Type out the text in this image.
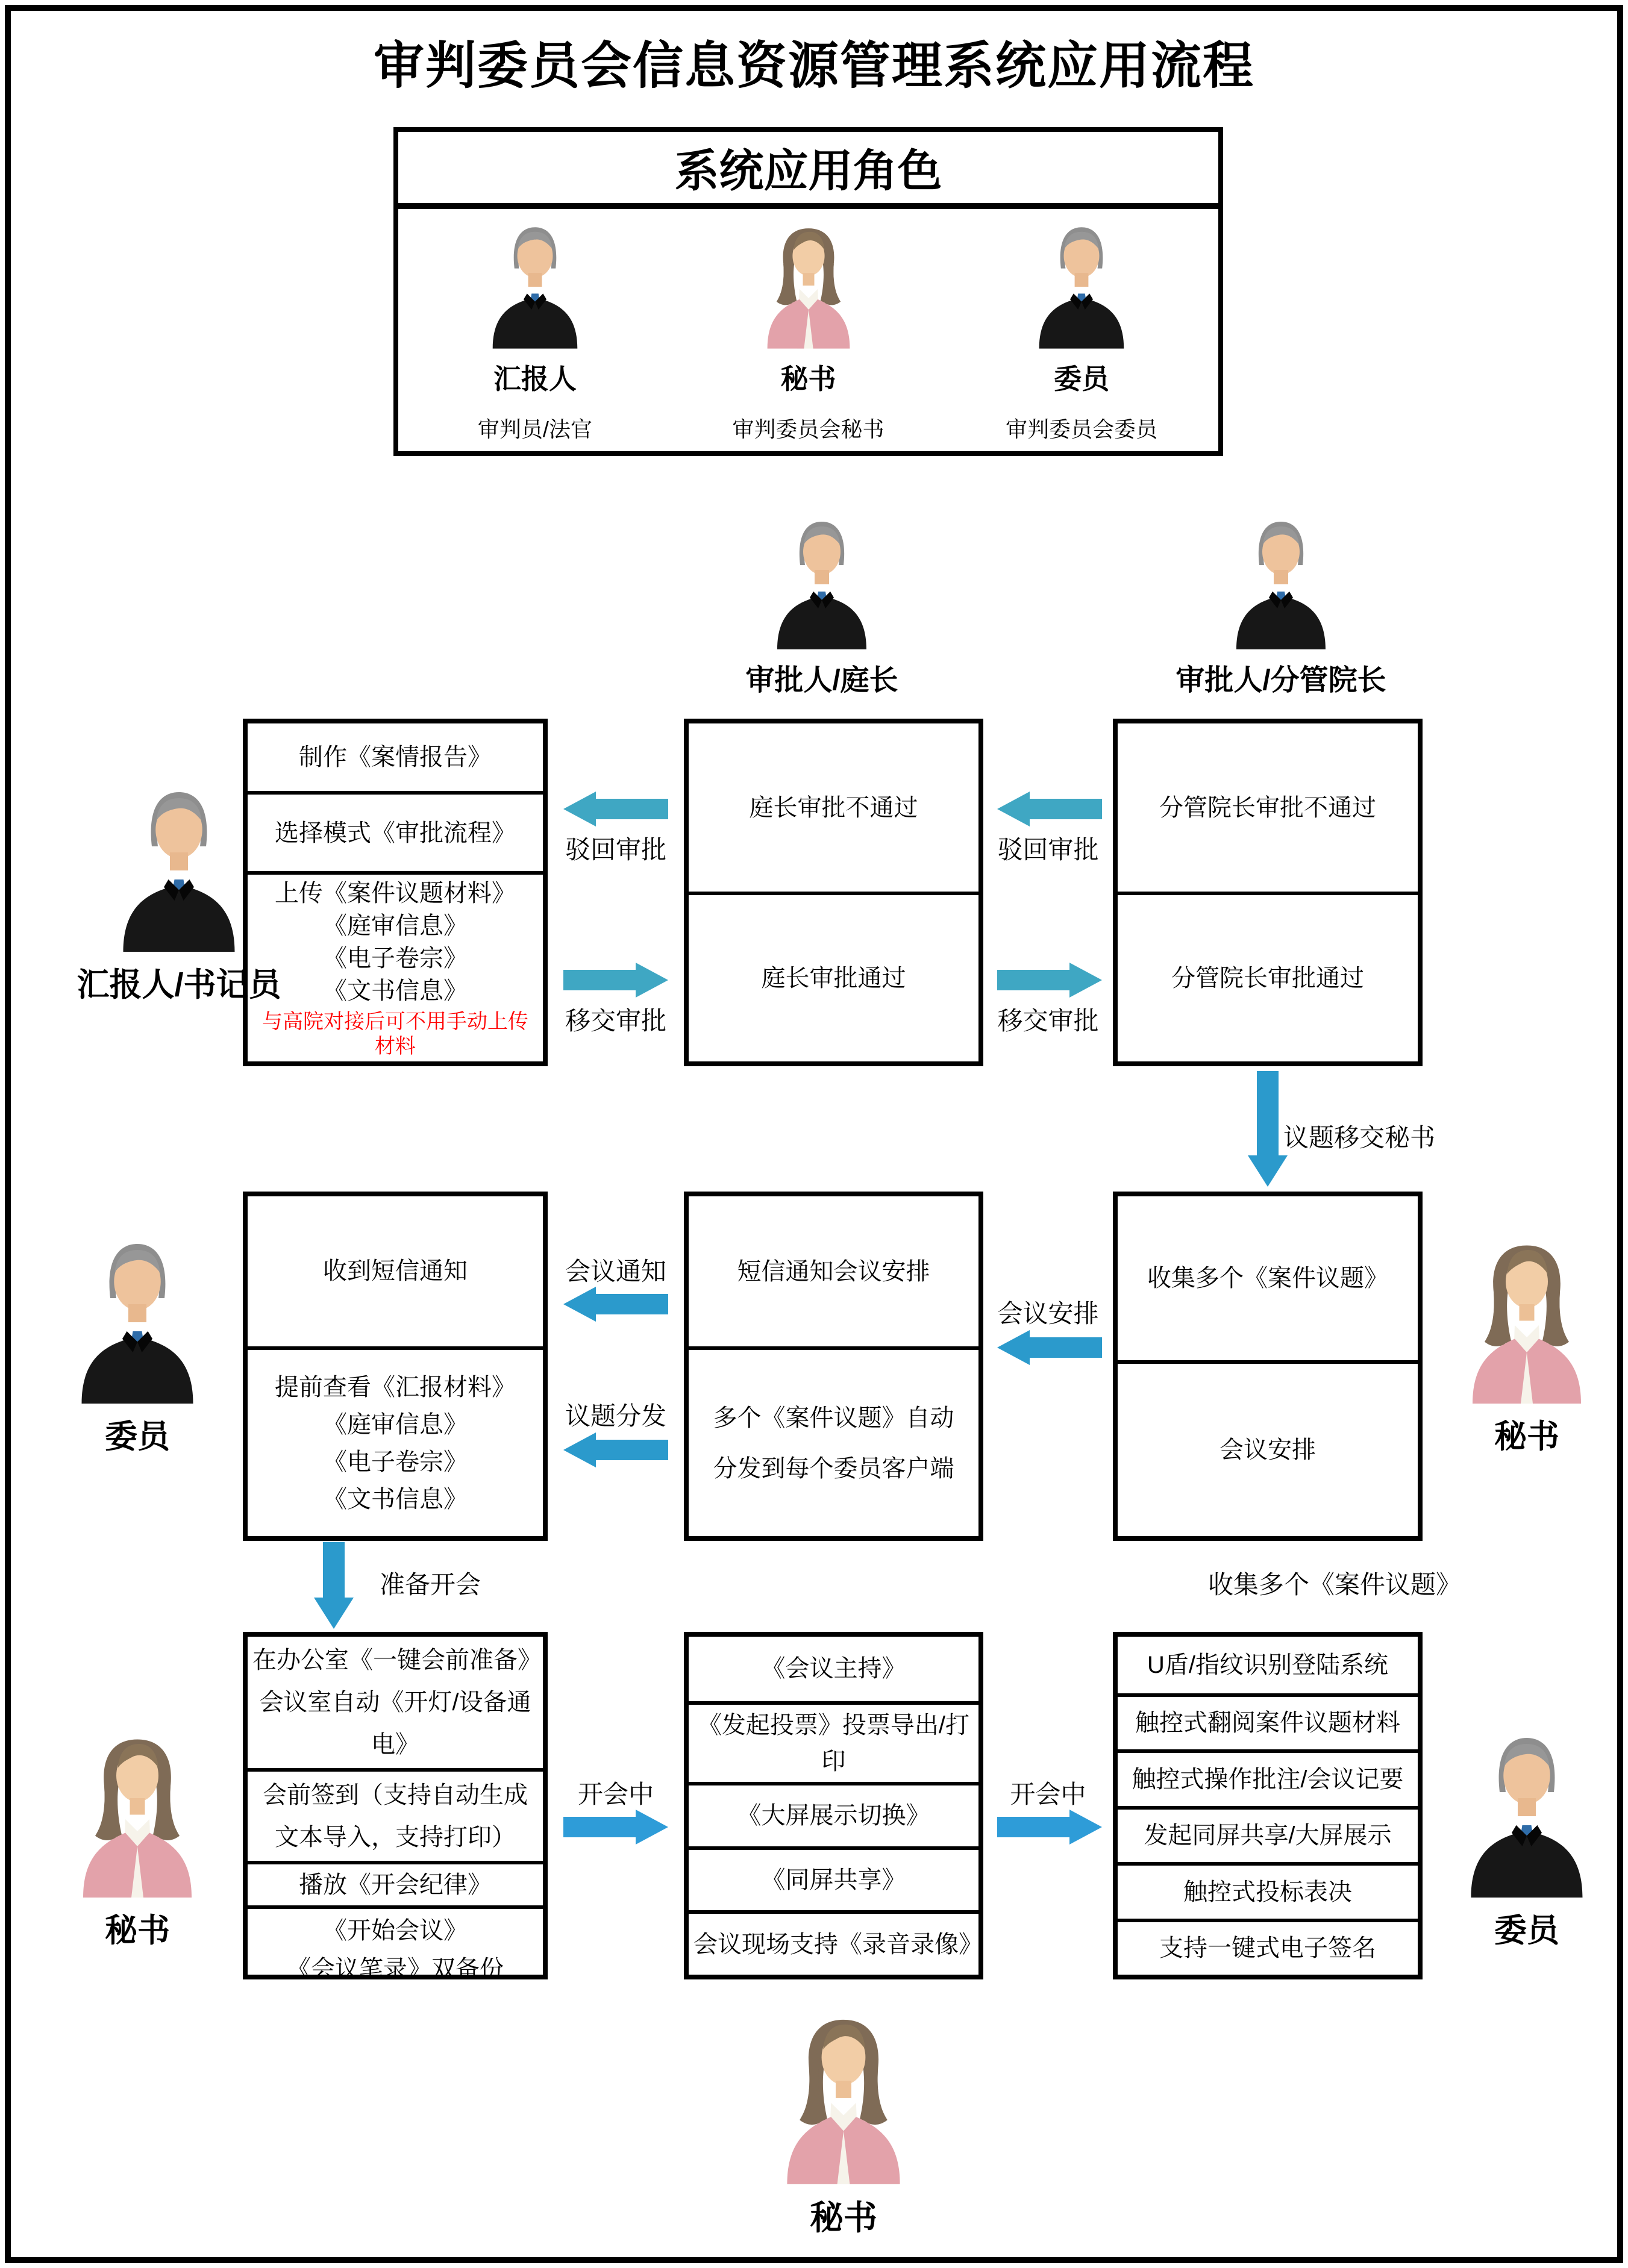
审判委员会信息资源管理系统应用流程
系统应用角色
汇报人
审判员/法官
秘书
审判委员会秘书
委员
审判委员会委员
审批人/庭长	审批人/分管院长
制作《案情报告》
选择模式《审批流程》
上传《案件议题材料》
《庭审信息》
《电子卷宗》
《文书信息》
与高院对接后可不用手动上传材料
庭长审批不通过
庭长审批通过
分管院长审批不通过
分管院长审批通过
驳回审批
移交审批
驳回审批
移交审批
汇报人/书记员
议题移交秘书
收到短信通知
提前查看《汇报材料》
《庭审信息》
《电子卷宗》
《文书信息》
短信通知会议安排
多个《案件议题》自动
分发到每个委员客户端
收集多个《案件议题》
会议安排
会议通知
议题分发
会议安排
委员	秘书
准备开会	收集多个《案件议题》
在办公室《一键会前准备》
会议室自动《开灯/设备通电》
会前签到（支持自动生成
文本导入，支持打印）
播放《开会纪律》
《开始会议》
《会议笔录》双备份
《会议主持》
《发起投票》投票导出/打印
《大屏展示切换》
《同屏共享》
会议现场支持《录音录像》
U盾/指纹识别登陆系统
触控式翻阅案件议题材料
触控式操作批注/会议记要
发起同屏共享/大屏展示
触控式投标表决
支持一键式电子签名
开会中	开会中
秘书	委员
秘书
